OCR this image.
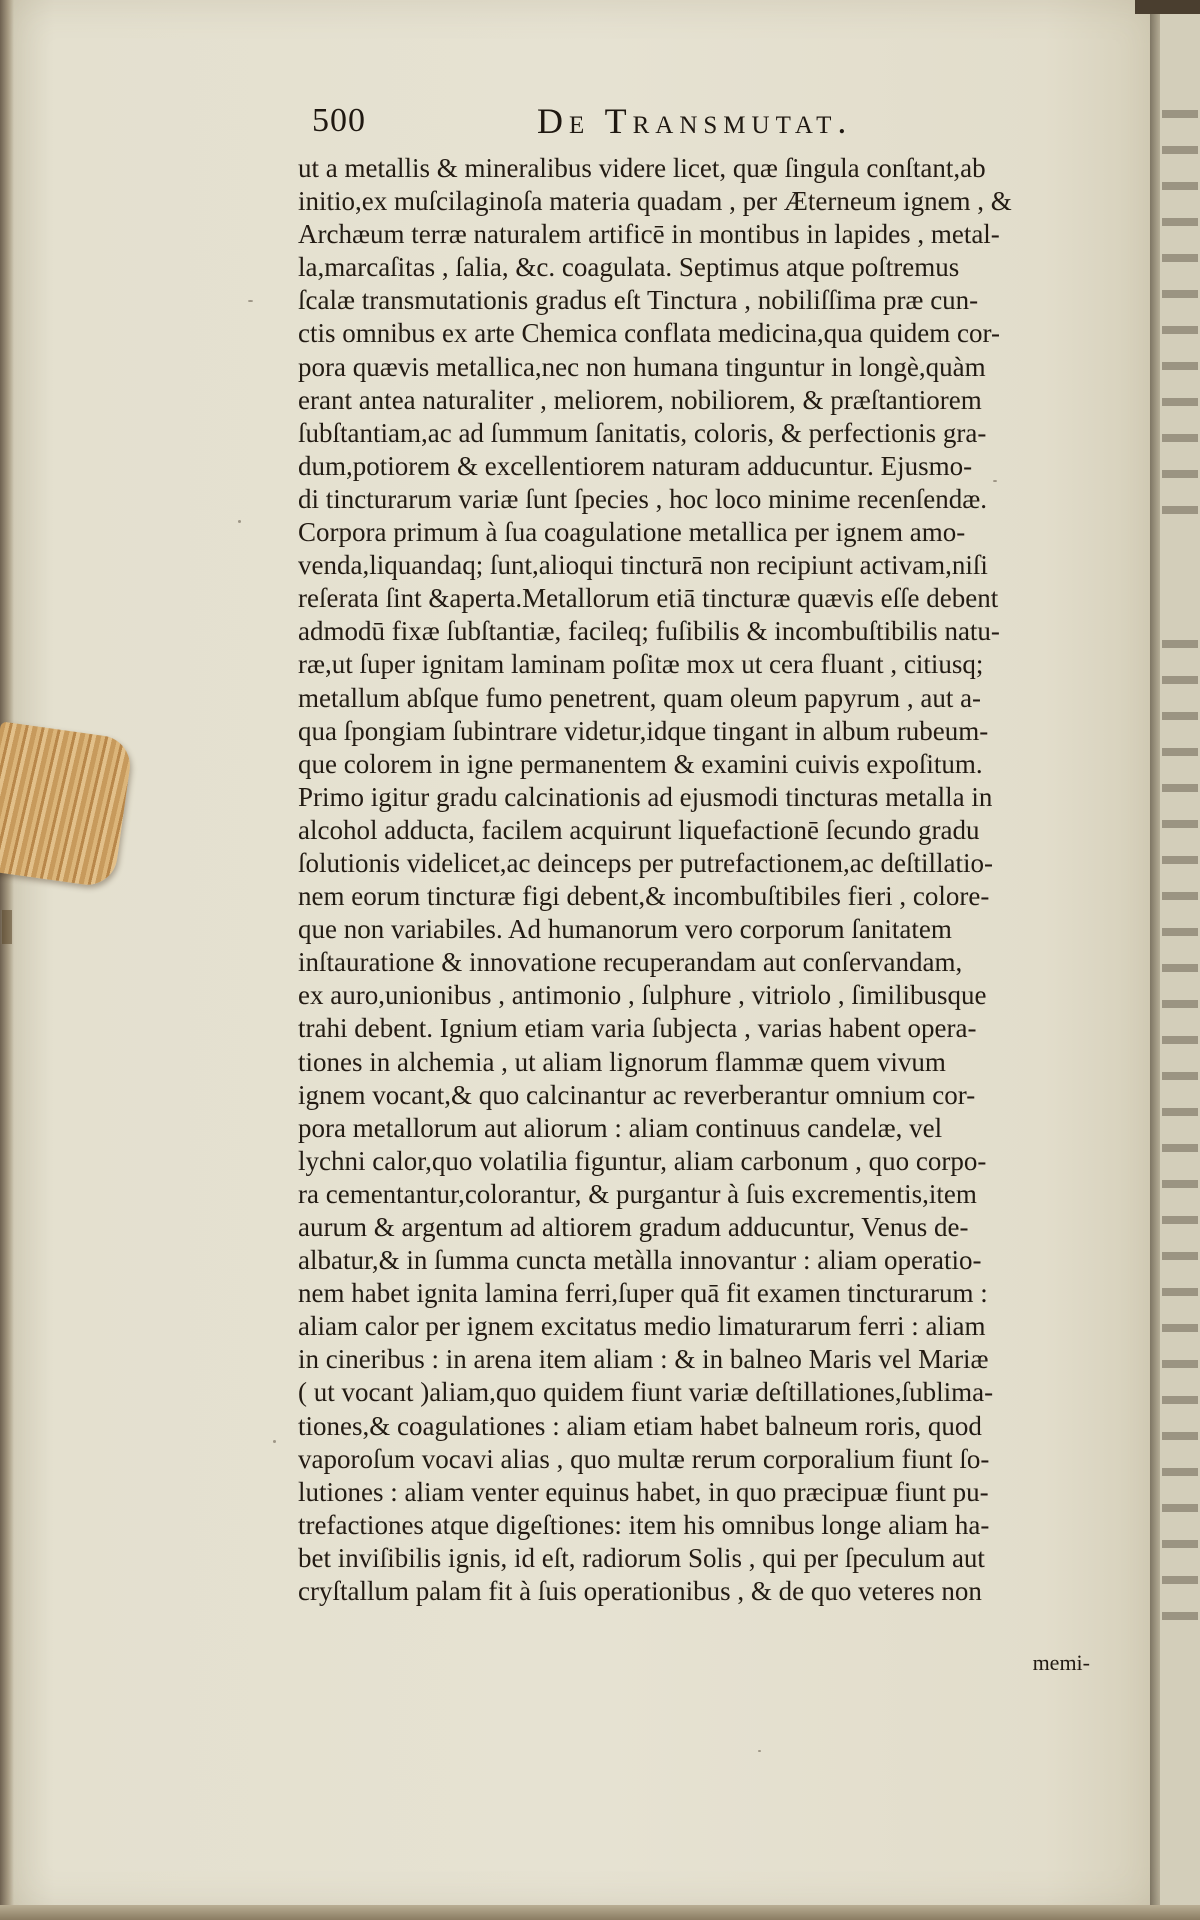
500	De Transmutat.
ut a metallis & mineralibus videre licet, quæ ſingula conſtant,ab
initio,ex muſcilaginoſa materia quadam , per Æterneum ignem , &
Archæum terræ naturalem artificē in montibus in lapides , metal-
la,marcaſitas , ſalia, &c. coagulata. Septimus atque poſtremus
ſcalæ transmutationis gradus eſt Tinctura , nobiliſſima præ cun-
ctis omnibus ex arte Chemica conflata medicina,qua quidem cor-
pora quævis metallica,nec non humana tinguntur in longè,quàm
erant antea naturaliter , meliorem, nobiliorem, & præſtantiorem
ſubſtantiam,ac ad ſummum ſanitatis, coloris, & perfectionis gra-
dum,potiorem & excellentiorem naturam adducuntur. Ejusmo-
di tincturarum variæ ſunt ſpecies , hoc loco minime recenſendæ.
Corpora primum à ſua coagulatione metallica per ignem amo-
venda,liquandaq; ſunt,alioqui tincturā non recipiunt activam,niſi
reſerata ſint &aperta.Metallorum etiā tincturæ quævis eſſe debent
admodū fixæ ſubſtantiæ, facileq; fuſibilis & incombuſtibilis natu-
ræ,ut ſuper ignitam laminam poſitæ mox ut cera fluant , citiusq;
metallum abſque fumo penetrent, quam oleum papyrum , aut a-
qua ſpongiam ſubintrare videtur,idque tingant in album rubeum-
que colorem in igne permanentem & examini cuivis expoſitum.
Primo igitur gradu calcinationis ad ejusmodi tincturas metalla in
alcohol adducta, facilem acquirunt liquefactionē ſecundo gradu
ſolutionis videlicet,ac deinceps per putrefactionem,ac deſtillatio-
nem eorum tincturæ figi debent,& incombuſtibiles fieri , colore-
que non variabiles. Ad humanorum vero corporum ſanitatem
inſtauratione & innovatione recuperandam aut conſervandam,
ex auro,unionibus , antimonio , ſulphure , vitriolo , ſimilibusque
trahi debent. Ignium etiam varia ſubjecta , varias habent opera-
tiones in alchemia , ut aliam lignorum flammæ quem vivum
ignem vocant,& quo calcinantur ac reverberantur omnium cor-
pora metallorum aut aliorum : aliam continuus candelæ, vel
lychni calor,quo volatilia figuntur, aliam carbonum , quo corpo-
ra cementantur,colorantur, & purgantur à ſuis excrementis,item
aurum & argentum ad altiorem gradum adducuntur, Venus de-
albatur,& in ſumma cuncta metàlla innovantur : aliam operatio-
nem habet ignita lamina ferri,ſuper quā fit examen tincturarum :
aliam calor per ignem excitatus medio limaturarum ferri : aliam
in cineribus : in arena item aliam : & in balneo Maris vel Mariæ
( ut vocant )aliam,quo quidem fiunt variæ deſtillationes,ſublima-
tiones,& coagulationes : aliam etiam habet balneum roris, quod
vaporoſum vocavi alias , quo multæ rerum corporalium fiunt ſo-
lutiones : aliam venter equinus habet, in quo præcipuæ fiunt pu-
trefactiones atque digeſtiones: item his omnibus longe aliam ha-
bet inviſibilis ignis, id eſt, radiorum Solis , qui per ſpeculum aut
cryſtallum palam fit à ſuis operationibus , & de quo veteres non
memi-
